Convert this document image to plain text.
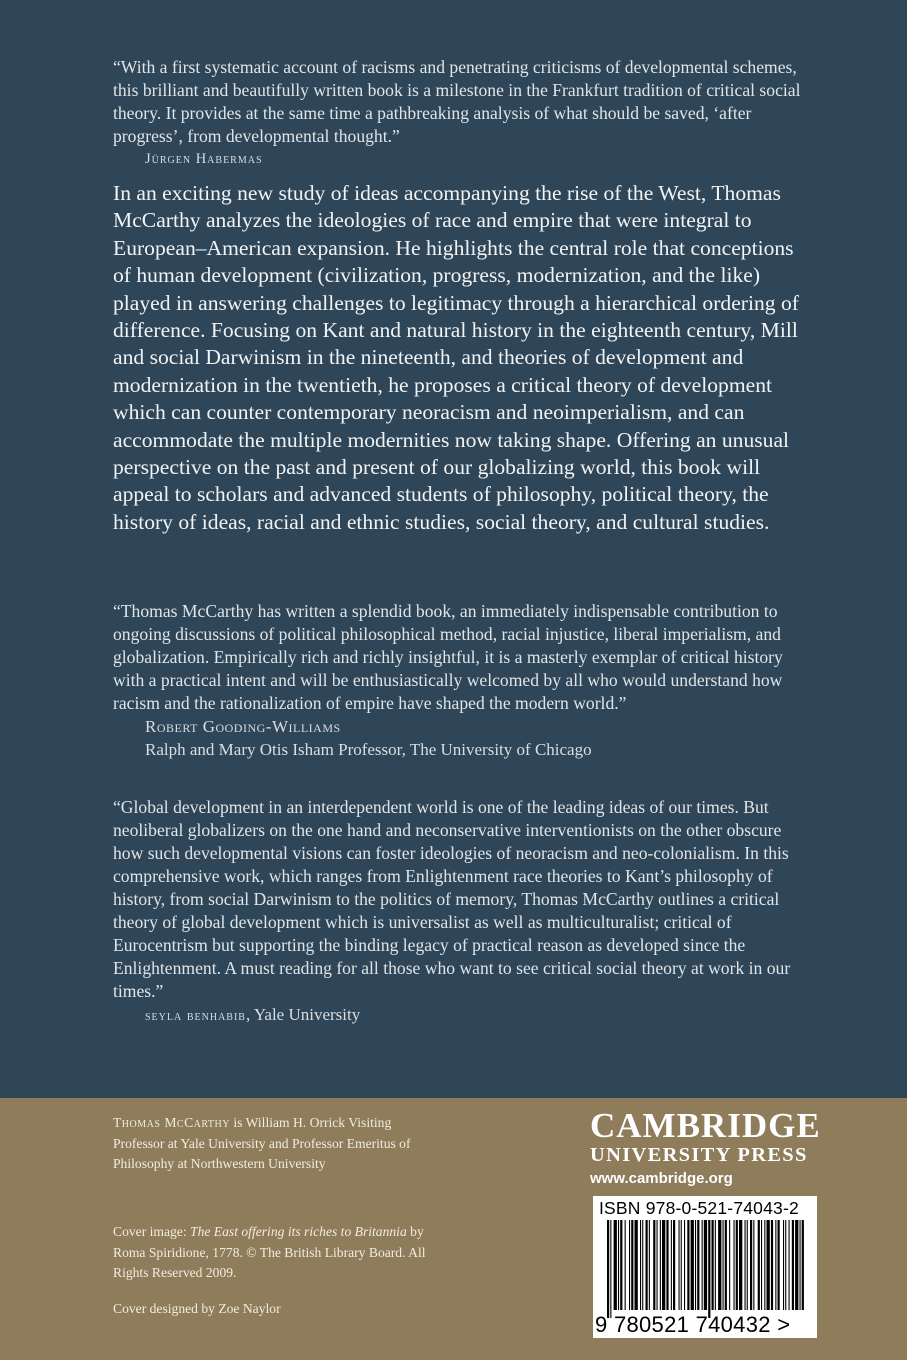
“With a first systematic account of racisms and penetrating criticisms of developmental schemes, this brilliant and beautifully written book is a milestone in the Frankfurt tradition of critical social theory. It provides at the same time a pathbreaking analysis of what should be saved, ‘after progress’, from developmental thought.”
Jürgen Habermas

In an exciting new study of ideas accompanying the rise of the West, Thomas McCarthy analyzes the ideologies of race and empire that were integral to European–American expansion. He highlights the central role that conceptions of human development (civilization, progress, modernization, and the like) played in answering challenges to legitimacy through a hierarchical ordering of difference. Focusing on Kant and natural history in the eighteenth century, Mill and social Darwinism in the nineteenth, and theories of development and modernization in the twentieth, he proposes a critical theory of development which can counter contemporary neoracism and neoimperialism, and can accommodate the multiple modernities now taking shape. Offering an unusual perspective on the past and present of our globalizing world, this book will appeal to scholars and advanced students of philosophy, political theory, the history of ideas, racial and ethnic studies, social theory, and cultural studies.

“Thomas McCarthy has written a splendid book, an immediately indispensable contribution to ongoing discussions of political philosophical method, racial injustice, liberal imperialism, and globalization. Empirically rich and richly insightful, it is a masterly exemplar of critical history with a practical intent and will be enthusiastically welcomed by all who would understand how racism and the rationalization of empire have shaped the modern world.”
Robert Gooding-Williams
Ralph and Mary Otis Isham Professor, The University of Chicago
“Global development in an interdependent world is one of the leading ideas of our times. But neoliberal globalizers on the one hand and neconservative interventionists on the other obscure how such developmental visions can foster ideologies of neoracism and neo-colonialism. In this comprehensive work, which ranges from Enlightenment race theories to Kant’s philosophy of history, from social Darwinism to the politics of memory, Thomas McCarthy outlines a critical theory of global development which is universalist as well as multiculturalist; critical of Eurocentrism but supporting the binding legacy of practical reason as developed since the Enlightenment. A must reading for all those who want to see critical social theory at work in our times.”
seyla benhabib, Yale University

Thomas McCarthy is William H. Orrick Visiting Professor at Yale University and Professor Emeritus of Philosophy at Northwestern University

Cover image: The East offering its riches to Britannia by Roma Spiridione, 1778. © The British Library Board. All Rights Reserved 2009.

Cover designed by Zoe Naylor

CAMBRIDGE
UNIVERSITY PRESS
www.cambridge.org
ISBN 978-0-521-74043-2
9 780521 740432 >
